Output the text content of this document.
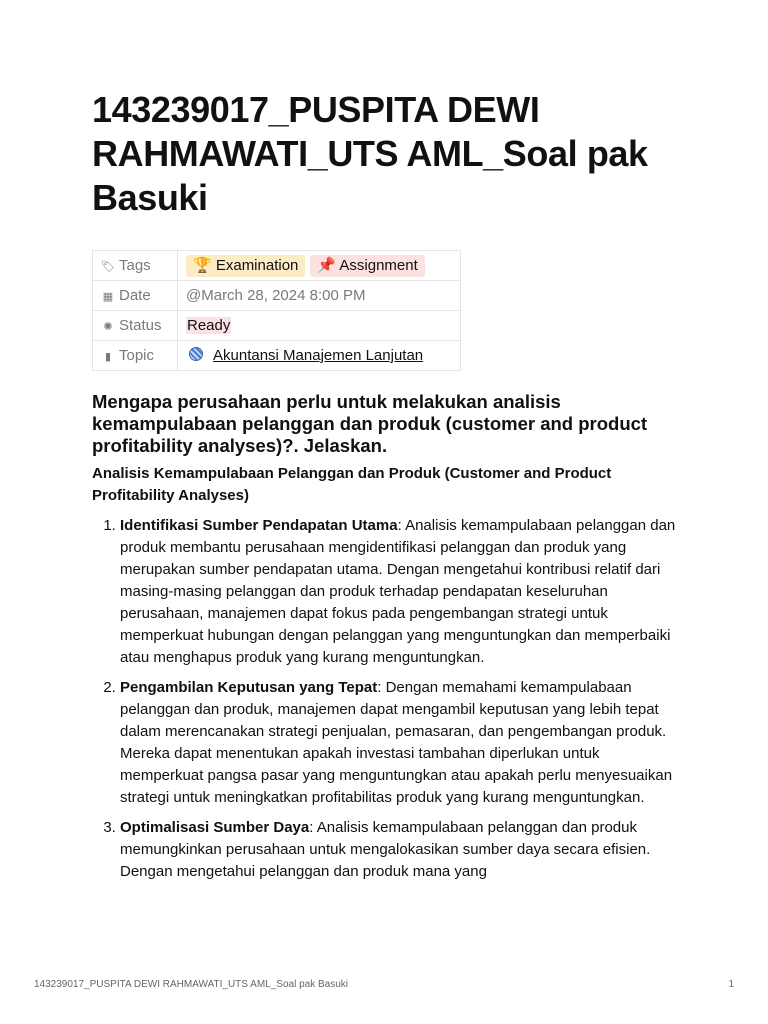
143239017_PUSPITA DEWI RAHMAWATI_UTS AML_Soal pak Basuki
🏷 Tags	🏆 Examination 📌 Assignment
▦ Date	@March 28, 2024 8:00 PM
✺ Status	Ready
▮ Topic	Akuntansi Manajemen Lanjutan
Mengapa perusahaan perlu untuk melakukan analisis kemampulabaan pelanggan dan produk (customer and product profitability analyses)?. Jelaskan.
Analisis Kemampulabaan Pelanggan dan Produk (Customer and Product Profitability Analyses)
1. Identifikasi Sumber Pendapatan Utama: Analisis kemampulabaan pelanggan dan produk membantu perusahaan mengidentifikasi pelanggan dan produk yang merupakan sumber pendapatan utama. Dengan mengetahui kontribusi relatif dari masing-masing pelanggan dan produk terhadap pendapatan keseluruhan perusahaan, manajemen dapat fokus pada pengembangan strategi untuk memperkuat hubungan dengan pelanggan yang menguntungkan dan memperbaiki atau menghapus produk yang kurang menguntungkan.
2. Pengambilan Keputusan yang Tepat: Dengan memahami kemampulabaan pelanggan dan produk, manajemen dapat mengambil keputusan yang lebih tepat dalam merencanakan strategi penjualan, pemasaran, dan pengembangan produk. Mereka dapat menentukan apakah investasi tambahan diperlukan untuk memperkuat pangsa pasar yang menguntungkan atau apakah perlu menyesuaikan strategi untuk meningkatkan profitabilitas produk yang kurang menguntungkan.
3. Optimalisasi Sumber Daya: Analisis kemampulabaan pelanggan dan produk memungkinkan perusahaan untuk mengalokasikan sumber daya secara efisien. Dengan mengetahui pelanggan dan produk mana yang
143239017_PUSPITA DEWI RAHMAWATI_UTS AML_Soal pak Basuki	1
